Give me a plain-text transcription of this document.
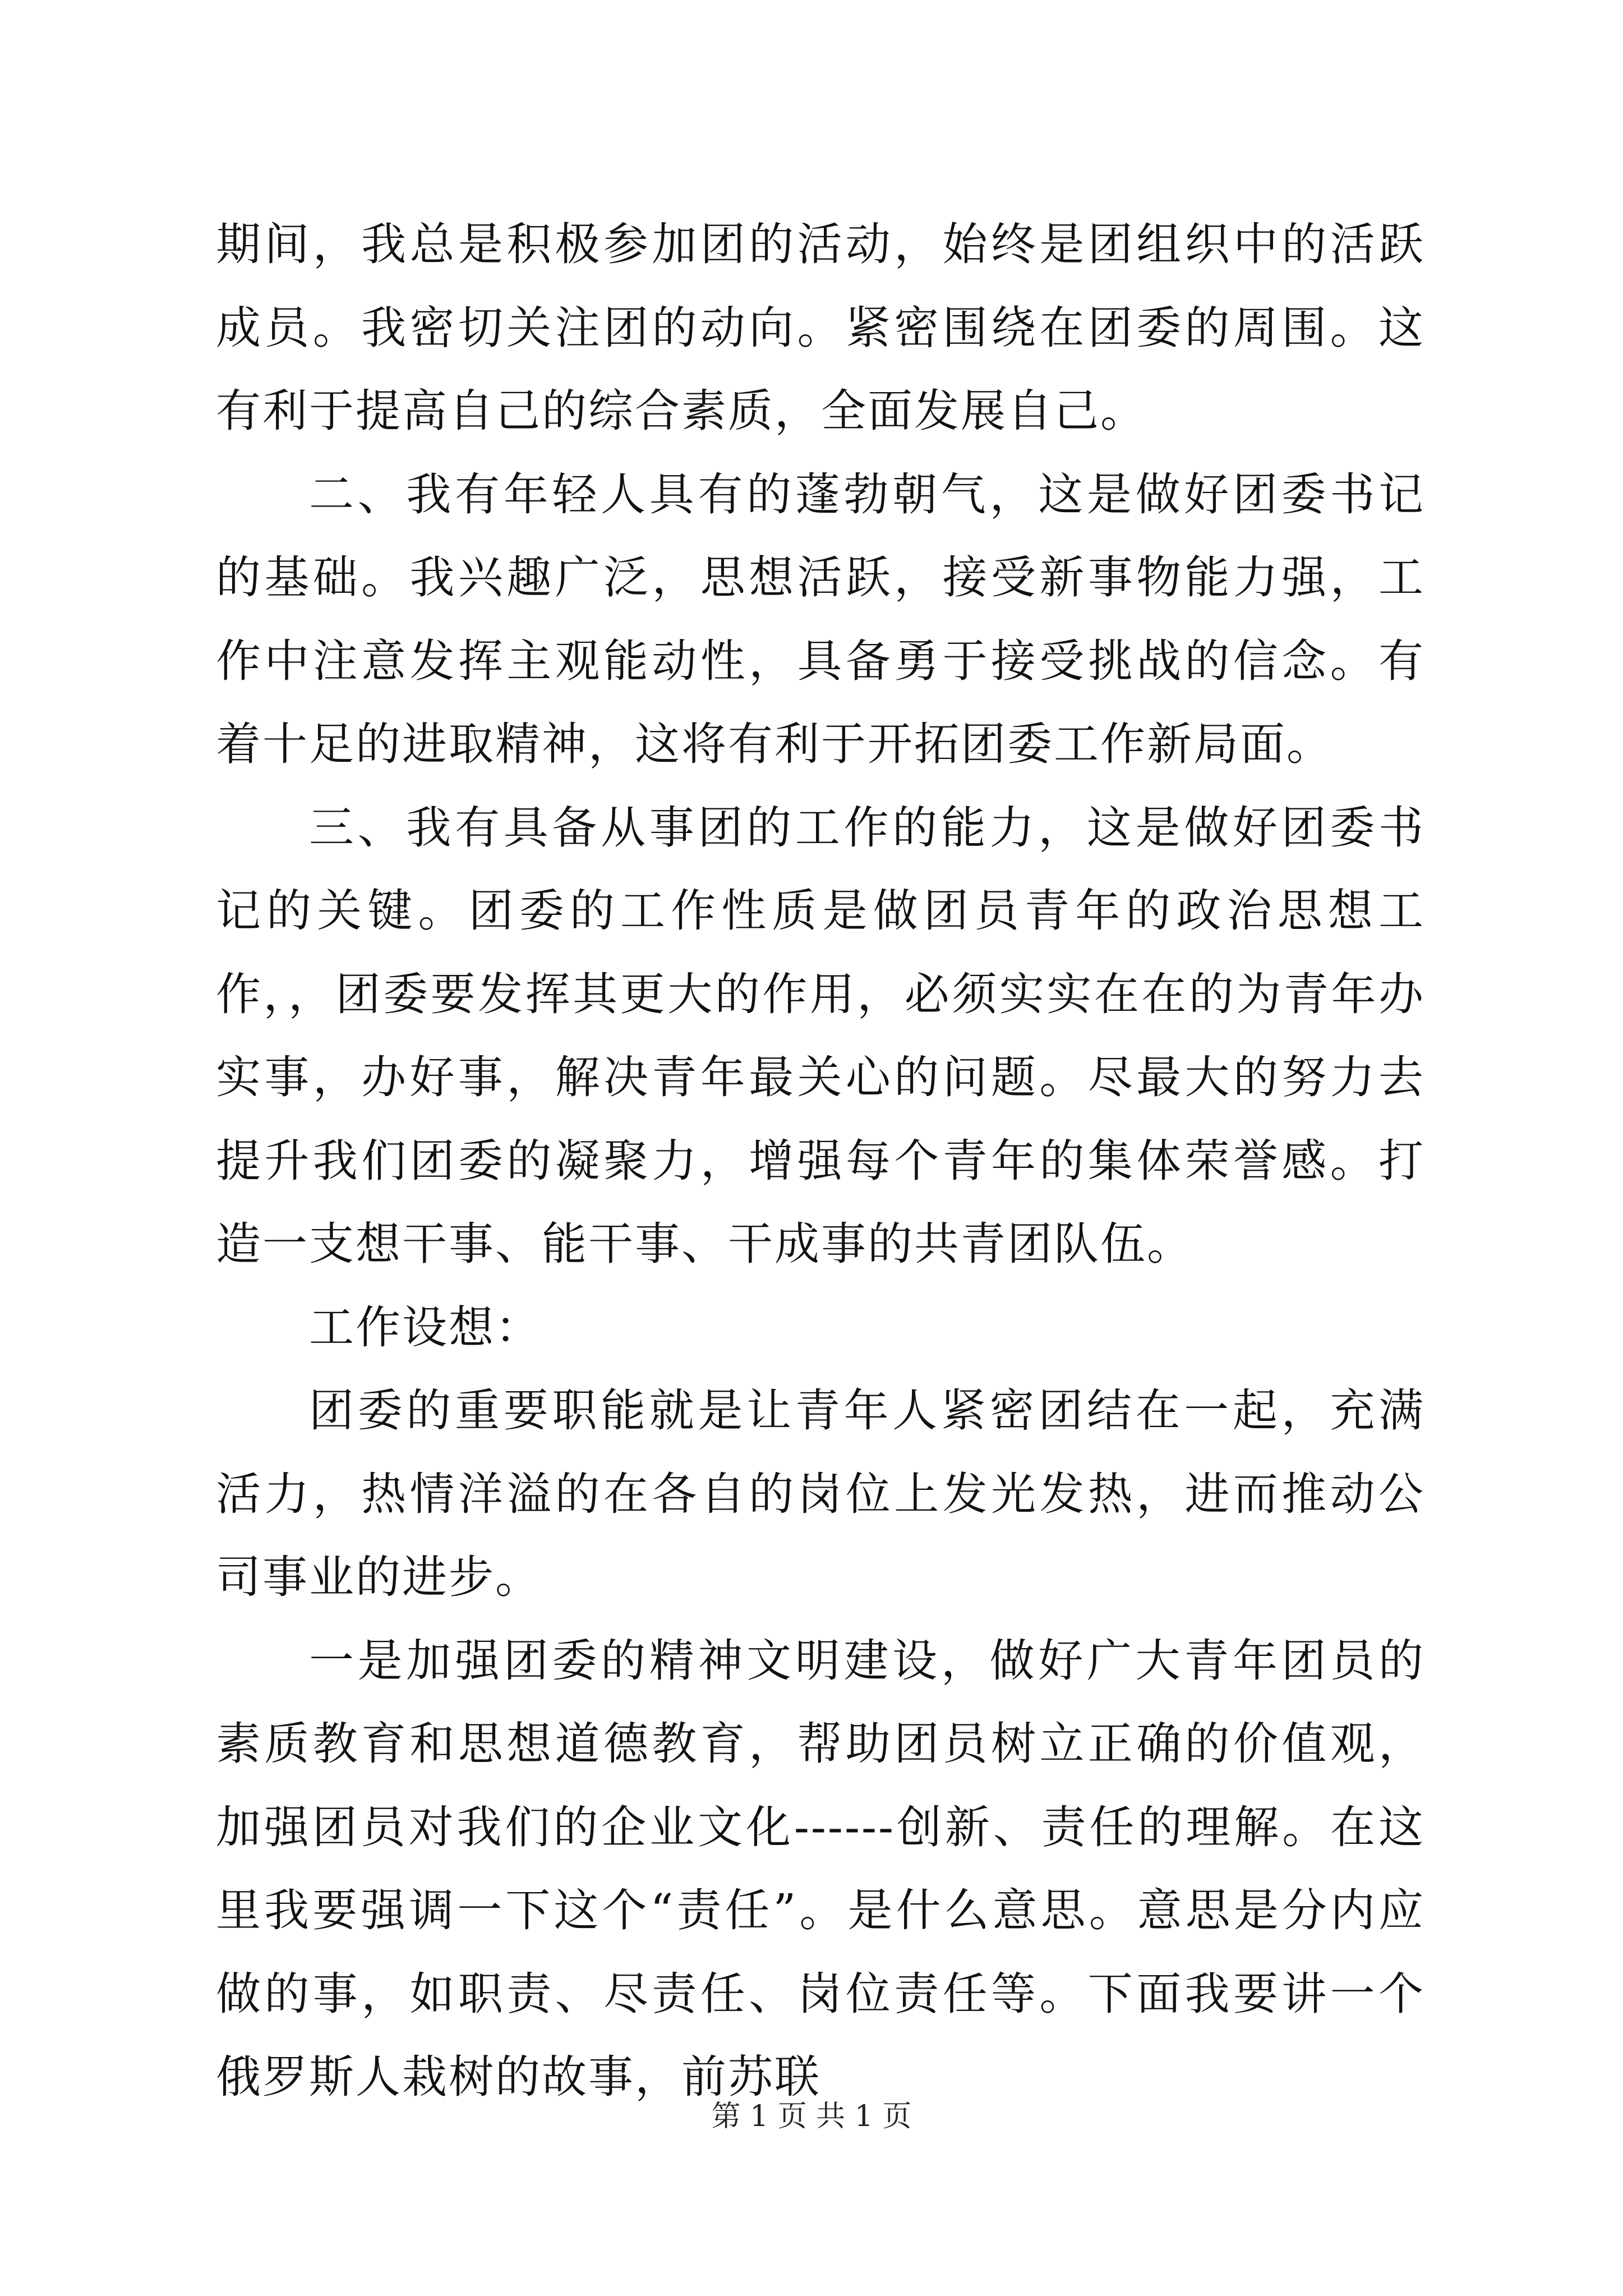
期间，我总是积极参加团的活动，始终是团组织中的活跃成员。我密切关注团的动向。紧密围绕在团委的周围。这有利于提高自己的综合素质，全面发展自己。

二、我有年轻人具有的蓬勃朝气，这是做好团委书记的基础。我兴趣广泛，思想活跃，接受新事物能力强，工作中注意发挥主观能动性，具备勇于接受挑战的信念。有着十足的进取精神，这将有利于开拓团委工作新局面。

三、我有具备从事团的工作的能力，这是做好团委书记的关键。团委的工作性质是做团员青年的政治思想工作，，团委要发挥其更大的作用，必须实实在在的为青年办实事，办好事，解决青年最关心的问题。尽最大的努力去提升我们团委的凝聚力，增强每个青年的集体荣誉感。打造一支想干事、能干事、干成事的共青团队伍。

工作设想：

团委的重要职能就是让青年人紧密团结在一起，充满活力，热情洋溢的在各自的岗位上发光发热，进而推动公司事业的进步。

一是加强团委的精神文明建设，做好广大青年团员的素质教育和思想道德教育，帮助团员树立正确的价值观，加强团员对我们的企业文化------创新、责任的理解。在这里我要强调一下这个“责任”。是什么意思。意思是分内应做的事，如职责、尽责任、岗位责任等。下面我要讲一个俄罗斯人栽树的故事，前苏联

第 1 页 共 1 页
